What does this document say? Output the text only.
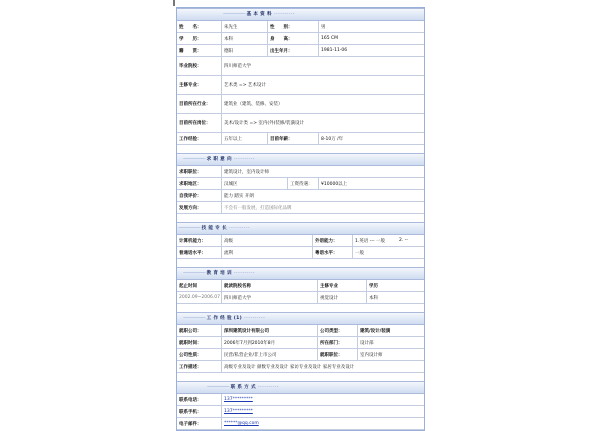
—————— 基 本 资 料 - - -
姓　　名：	朱先生	性　　别：	男
学　　历：	本科	身　　高：	165 CM
籍　　贯：	德阳	出生年月：	1981-11-06
毕业院校：	四川师范大学
主修专业：	艺术类 => 艺术设计
目前所在行业：	建筑业（建筑、装修、安装）
目前所在岗位：	美术/设计类 => 室内(外)装修/装潢设计
工作经验：	五年以上	目前年薪：	8-10万 /年
—————— 求 职 意 向 - - -
求职职位：	建筑设计，室内设计师
求职地区：	汉城区	工资待遇：	¥10000以上
自我评价：	能力 踏实 开朗
发展方向：	不会有一般发展，打造国际化品牌
—————— 技 能 专 长 - - -
计算机能力：	高级	外语能力：	1.英语 --- 一般	2. --
普通话水平：	流利	粤语水平：	一般
—————— 教 育 培 训 - - -
起止时间	就读院校名称	主修专业	学历
2002.09~2006.07 四川师范大学	视觉设计	本科
—————— 工 作 经 验 (1) - - -
就职公司：	深圳建筑设计有限公司	公司类型：	建筑/设计/装潢
就职时间：	2006年7月到2010年8月	所在部门：	设计部
公司性质：	民营/私营企业/非上市公司	就职职位：	室内设计师
工作描述：	高级专业及设计 颜数专业及设计 家访专业及设计 家居专业及设计
—————— 联 系 方 式 - - -
联系电话：	137*********
联系手机：	137*********
电子邮件：	******@qq.com
